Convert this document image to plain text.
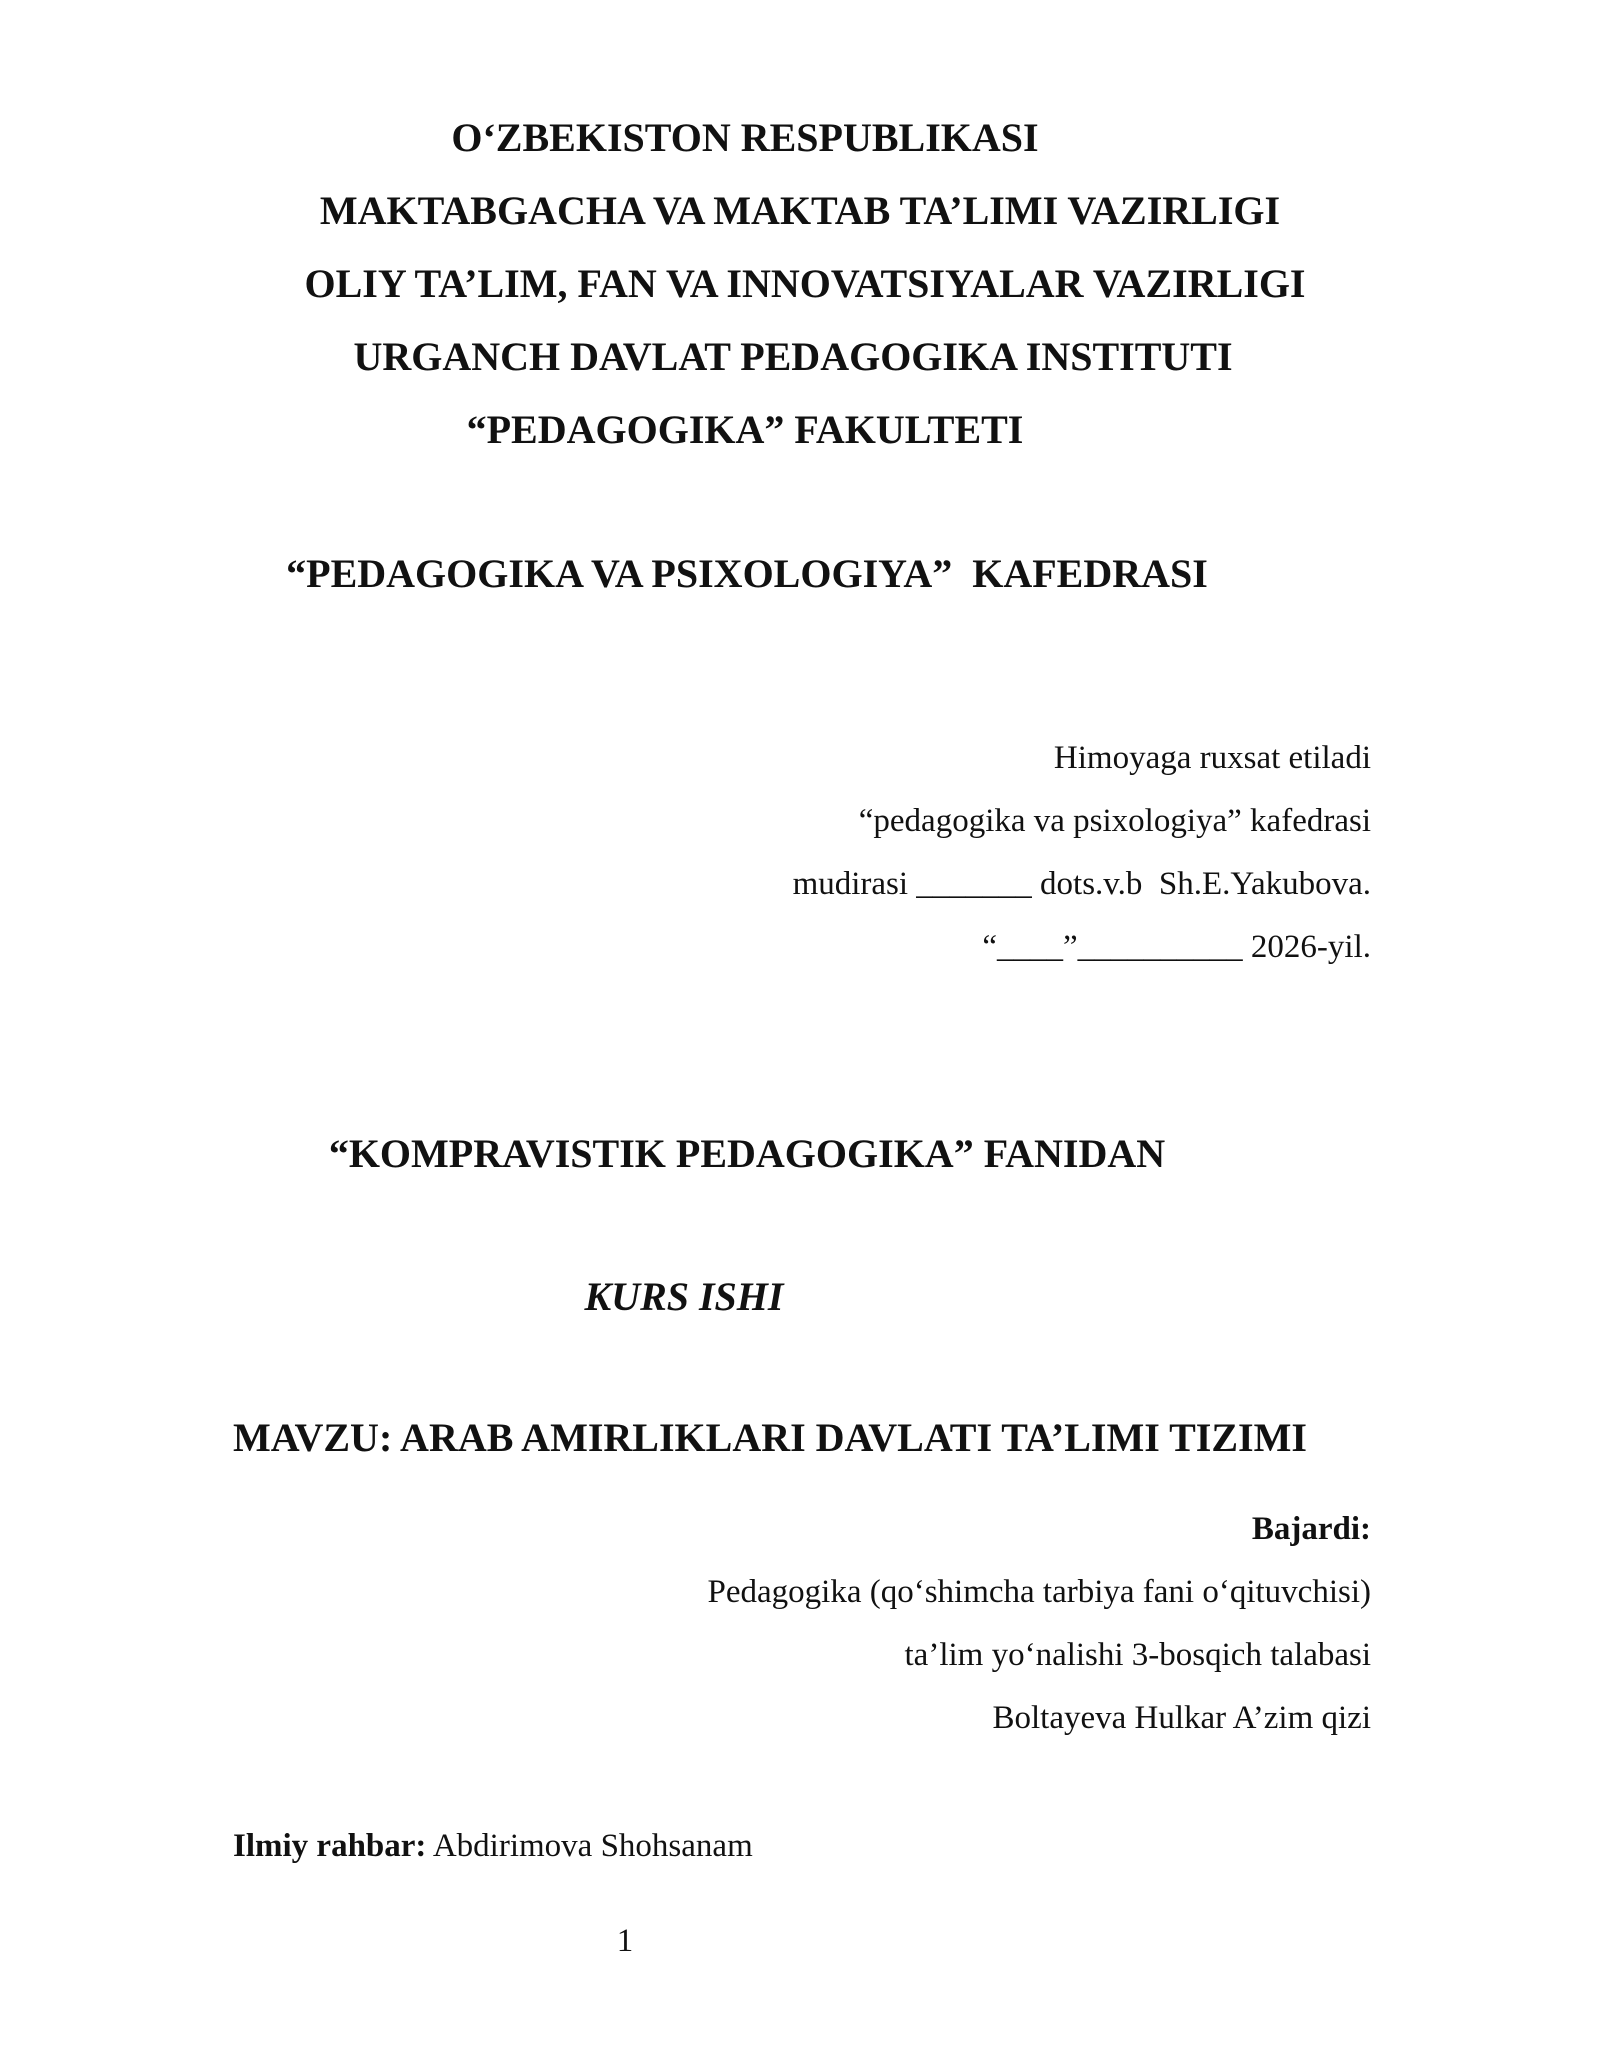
O‘ZBEKISTON RESPUBLIKASI
MAKTABGACHA VA MAKTAB TA’LIMI VAZIRLIGI
OLIY TA’LIM, FAN VA INNOVATSIYALAR VAZIRLIGI
URGANCH DAVLAT PEDAGOGIKA INSTITUTI
“PEDAGOGIKA” FAKULTETI
“PEDAGOGIKA VA PSIXOLOGIYA”  KAFEDRASI
Himoyaga ruxsat etiladi
“pedagogika va psixologiya” kafedrasi
mudirasi _______ dots.v.b  Sh.E.Yakubova.
“____”__________ 2026-yil.
“KOMPRAVISTIK PEDAGOGIKA” FANIDAN
KURS ISHI
MAVZU: ARAB AMIRLIKLARI DAVLATI TA’LIMI TIZIMI
Bajardi:
Pedagogika (qo‘shimcha tarbiya fani o‘qituvchisi)
ta’lim yo‘nalishi 3-bosqich talabasi
Boltayeva Hulkar A’zim qizi
Ilmiy rahbar: Abdirimova Shohsanam
1
